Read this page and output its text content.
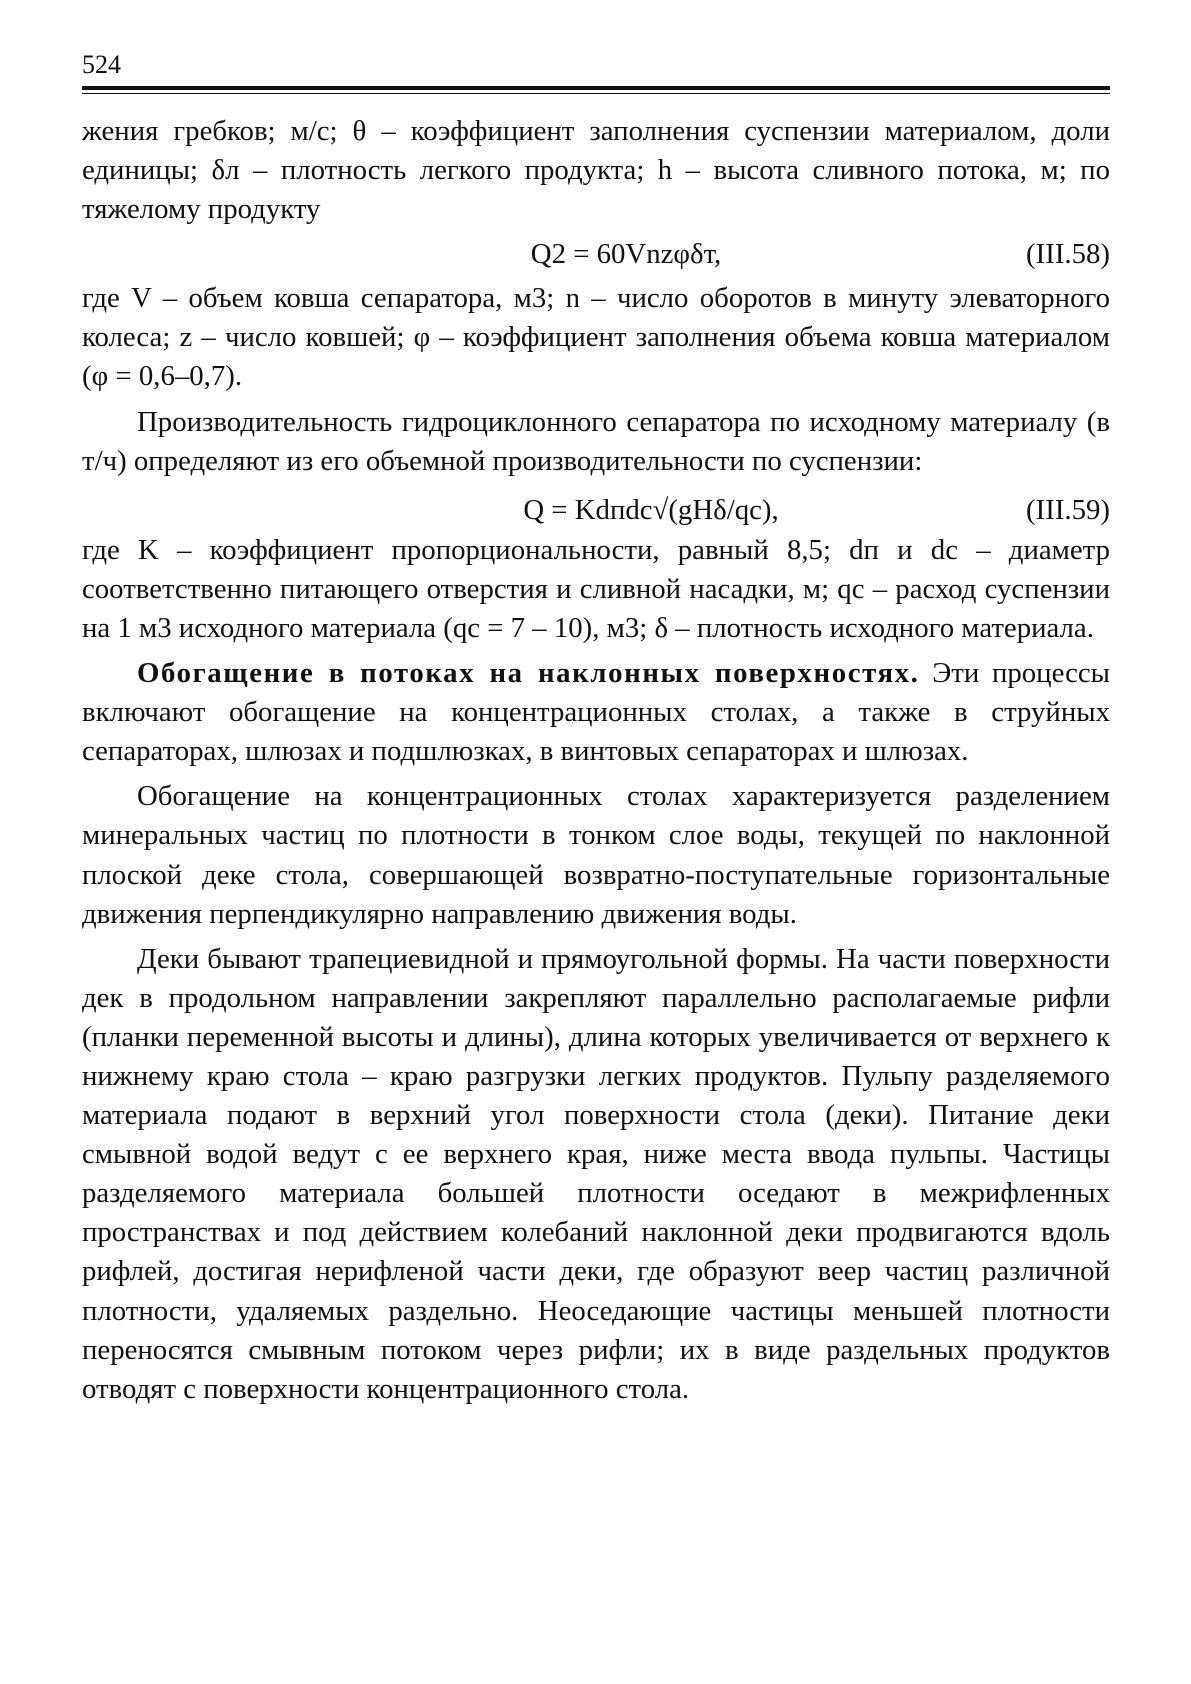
524

жения гребков; м/с; θ – коэффициент заполнения суспензии материалом, доли единицы; δл – плотность легкого продукта; h – высота сливного потока, м; по тяжелому продукту

Q2 = 60Vnzφδт,	(III.58)

где V – объем ковша сепаратора, м3; n – число оборотов в минуту элеваторного колеса; z – число ковшей; φ – коэффициент заполнения объема ковша материалом (φ = 0,6–0,7).

Производительность гидроциклонного сепаратора по исходному материалу (в т/ч) определяют из его объемной производительности по суспензии:

Q = Kdпdс√(gHδ/qс),	(III.59)

где K – коэффициент пропорциональности, равный 8,5; dп и dс – диаметр соответственно питающего отверстия и сливной насадки, м; qс – расход суспензии на 1 м3 исходного материала (qс = 7 – 10), м3; δ – плотность исходного материала.

Обогащение в потоках на наклонных поверхностях. Эти процессы включают обогащение на концентрационных столах, а также в струйных сепараторах, шлюзах и подшлюзках, в винтовых сепараторах и шлюзах.

Обогащение на концентрационных столах характеризуется разделением минеральных частиц по плотности в тонком слое воды, текущей по наклонной плоской деке стола, совершающей возвратно-поступательные горизонтальные движения перпендикулярно направлению движения воды.

Деки бывают трапециевидной и прямоугольной формы. На части поверхности дек в продольном направлении закрепляют параллельно располагаемые рифли (планки переменной высоты и длины), длина которых увеличивается от верхнего к нижнему краю стола – краю разгрузки легких продуктов. Пульпу разделяемого материала подают в верхний угол поверхности стола (деки). Питание деки смывной водой ведут с ее верхнего края, ниже места ввода пульпы. Частицы разделяемого материала большей плотности оседают в межрифленных пространствах и под действием колебаний наклонной деки продвигаются вдоль рифлей, достигая нерифленой части деки, где образуют веер частиц различной плотности, удаляемых раздельно. Неоседающие частицы меньшей плотности переносятся смывным потоком через рифли; их в виде раздельных продуктов отводят с поверхности концентрационного стола.
